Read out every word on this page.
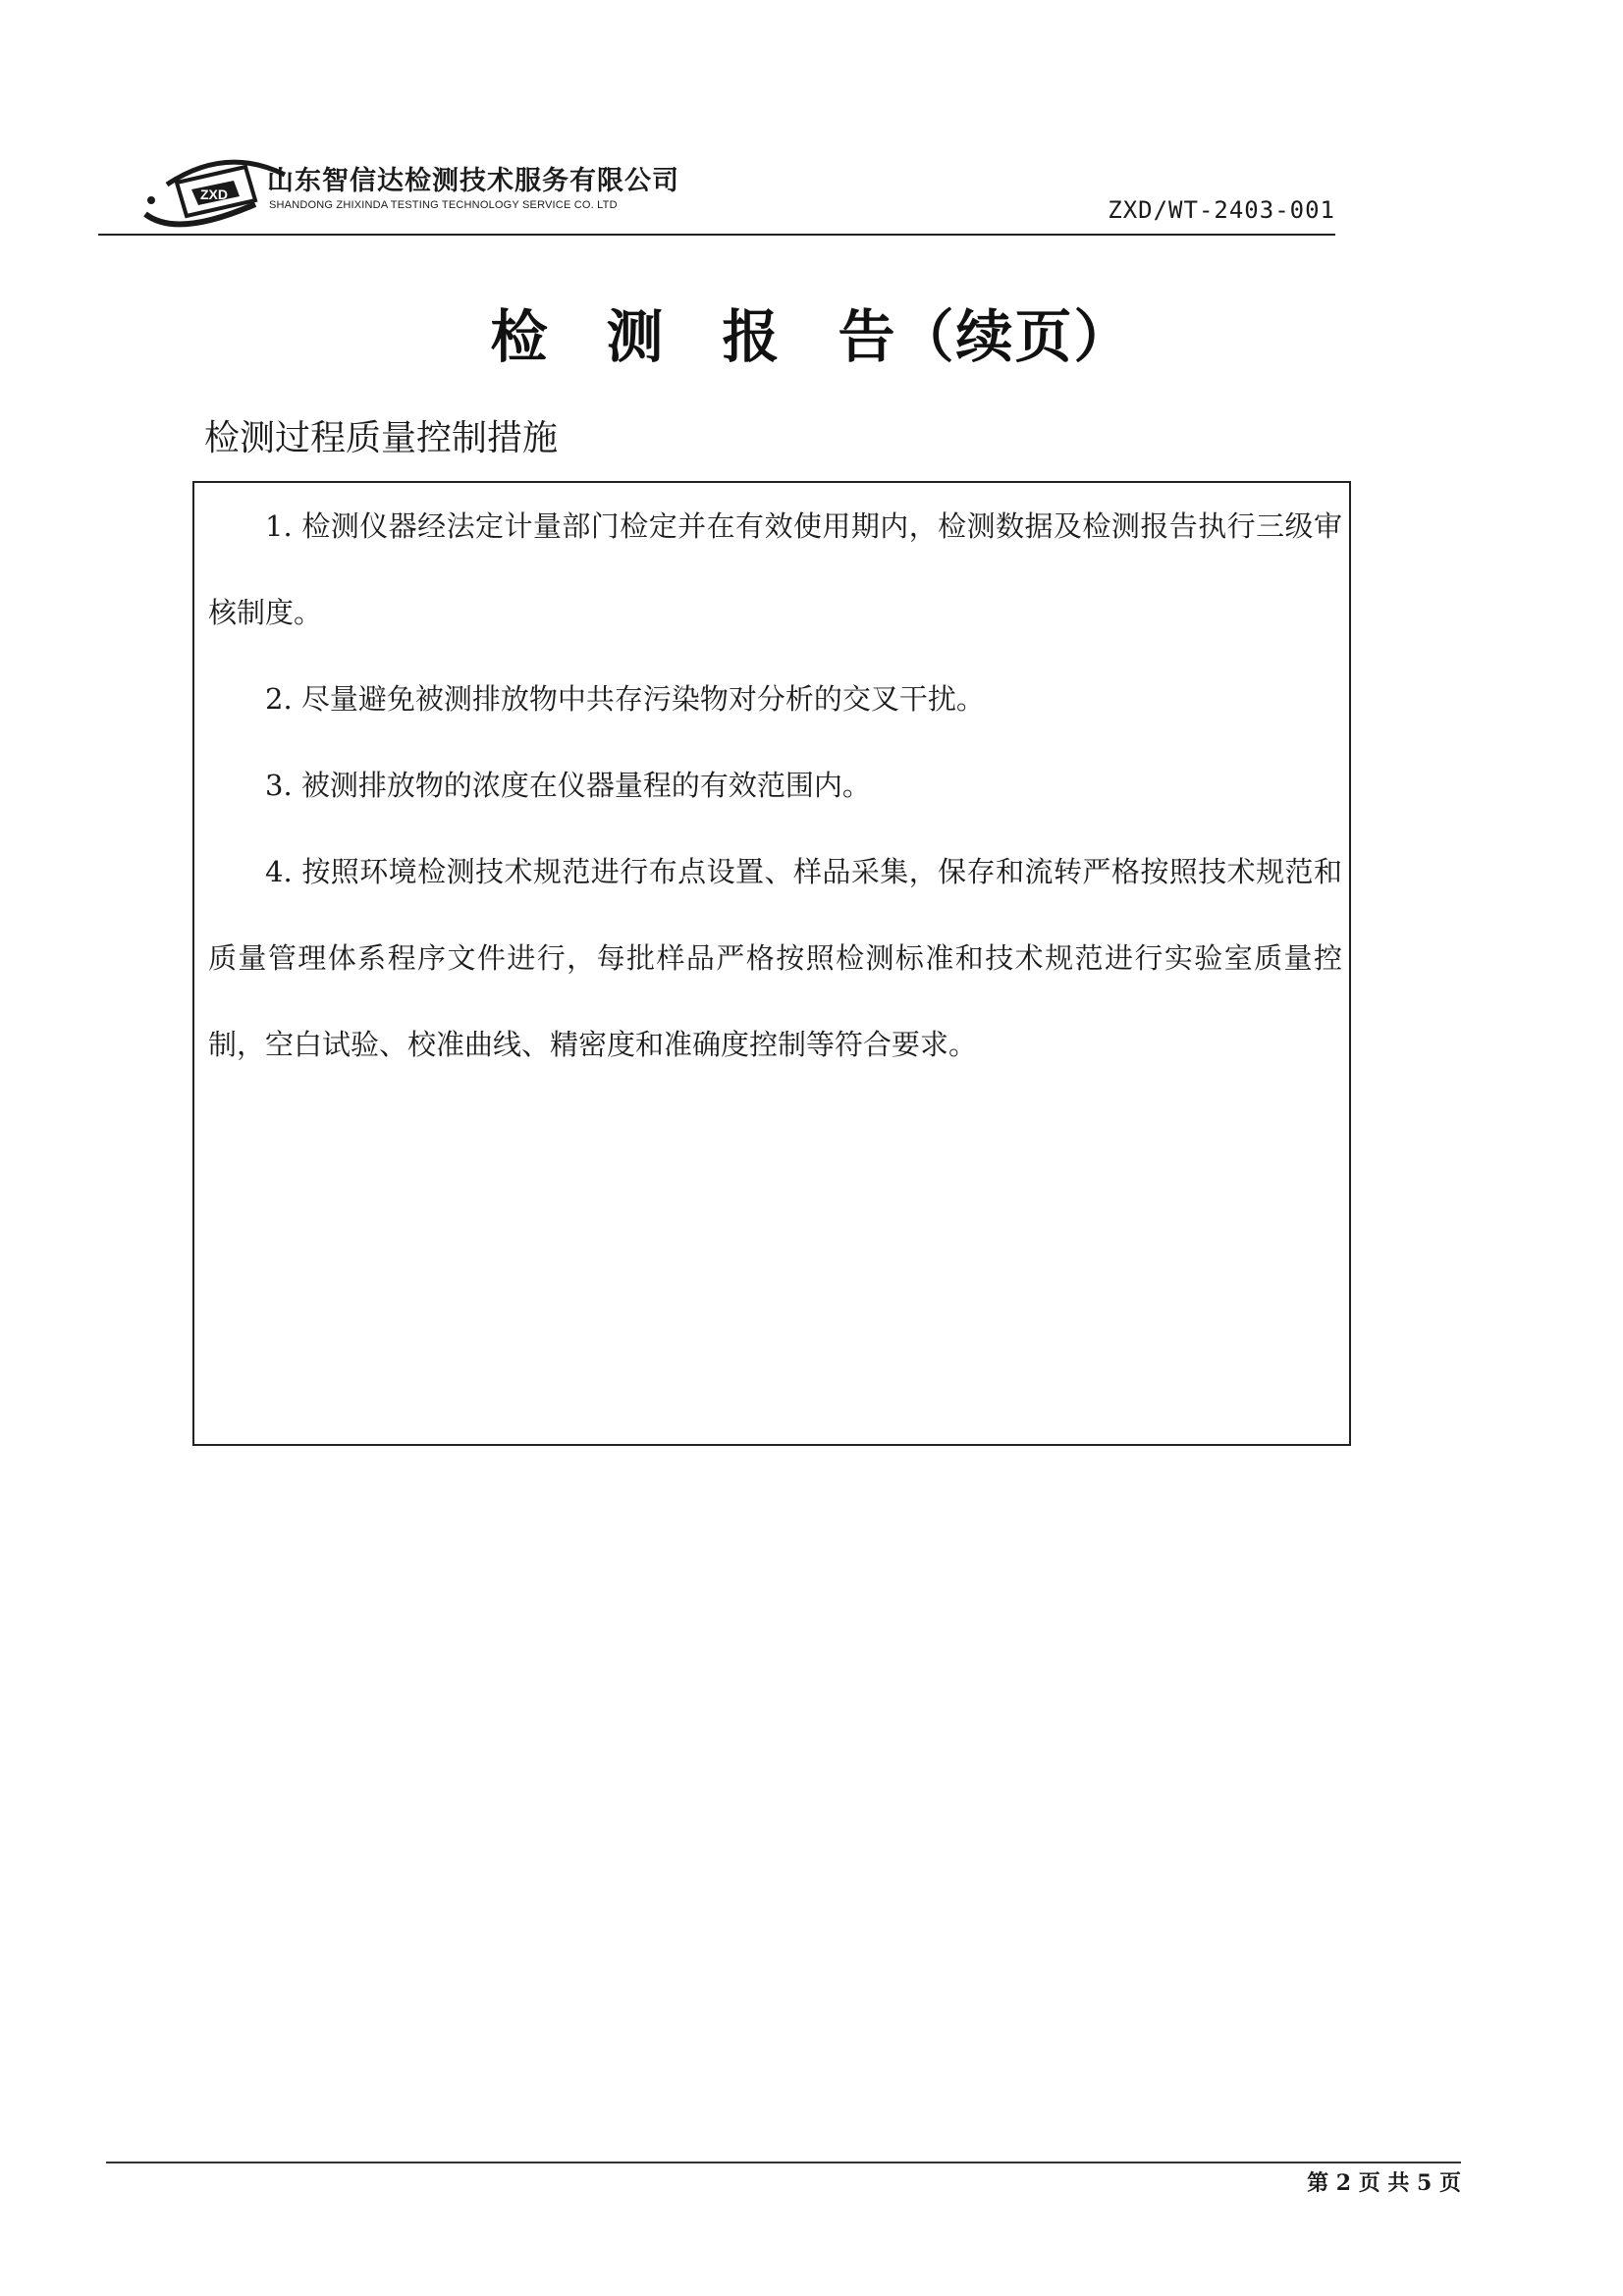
ZXD 山东智信达检测技术服务有限公司
SHANDONG ZHIXINDA TESTING TECHNOLOGY SERVICE CO. LTD	ZXD/WT-2403-001
检 测 报 告（续页）
检测过程质量控制措施
1. 检测仪器经法定计量部门检定并在有效使用期内，检测数据及检测报告执行三级审核制度。
2. 尽量避免被测排放物中共存污染物对分析的交叉干扰。
3. 被测排放物的浓度在仪器量程的有效范围内。
4. 按照环境检测技术规范进行布点设置、样品采集，保存和流转严格按照技术规范和质量管理体系程序文件进行，每批样品严格按照检测标准和技术规范进行实验室质量控制，空白试验、校准曲线、精密度和准确度控制等符合要求。
第 2 页 共 5 页
